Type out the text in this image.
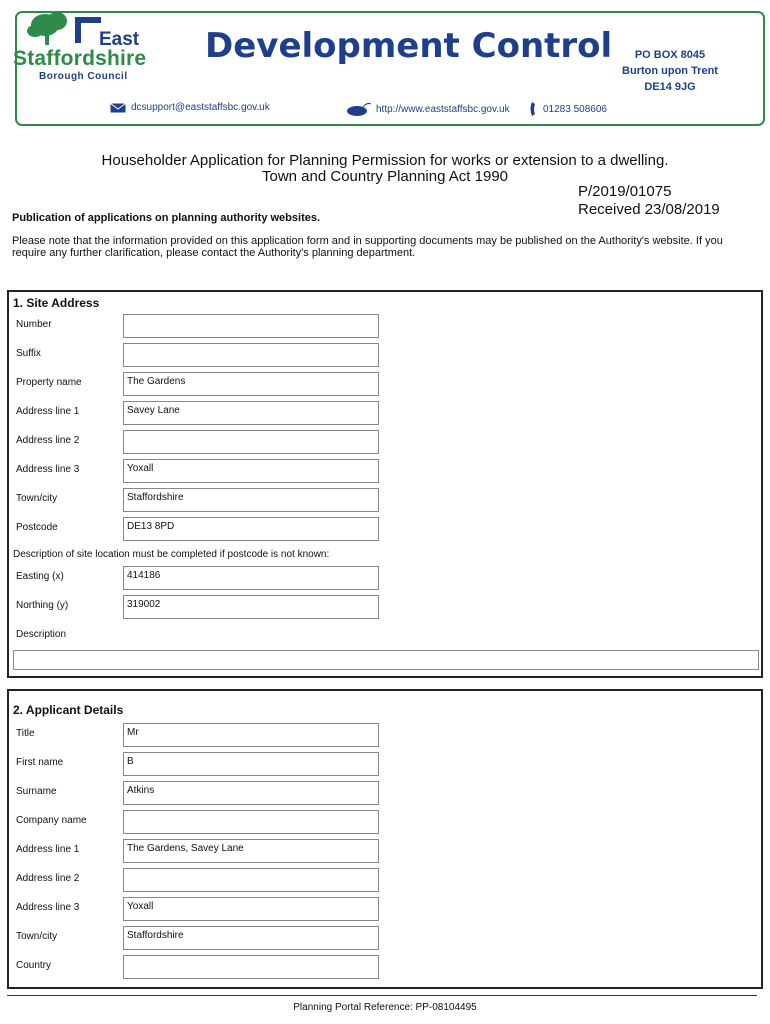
East
Staffordshire
Borough Council
Development Control	PO BOX 8045
Burton upon Trent
DE14 9JG
dcsupport@eaststaffsbc.gov.uk	http://www.eaststaffsbc.gov.uk	01283 508606
Householder Application for Planning Permission for works or extension to a dwelling.
Town and Country Planning Act 1990
P/2019/01075
Received 23/08/2019
Publication of applications on planning authority websites.
Please note that the information provided on this application form and in supporting documents may be published on the Authority's website. If you require any further clarification, please contact the Authority's planning department.
1. Site Address
Number
Suffix
Property name	The Gardens
Address line 1	Savey Lane
Address line 2
Address line 3	Yoxall
Town/city	Staffordshire
Postcode	DE13 8PD
Description of site location must be completed if postcode is not known:
Easting (x)	414186
Northing (y)	319002
Description
2. Applicant Details
Title	Mr
First name	B
Surname	Atkins
Company name
Address line 1	The Gardens, Savey Lane
Address line 2
Address line 3	Yoxall
Town/city	Staffordshire
Country
Planning Portal Reference: PP-08104495
